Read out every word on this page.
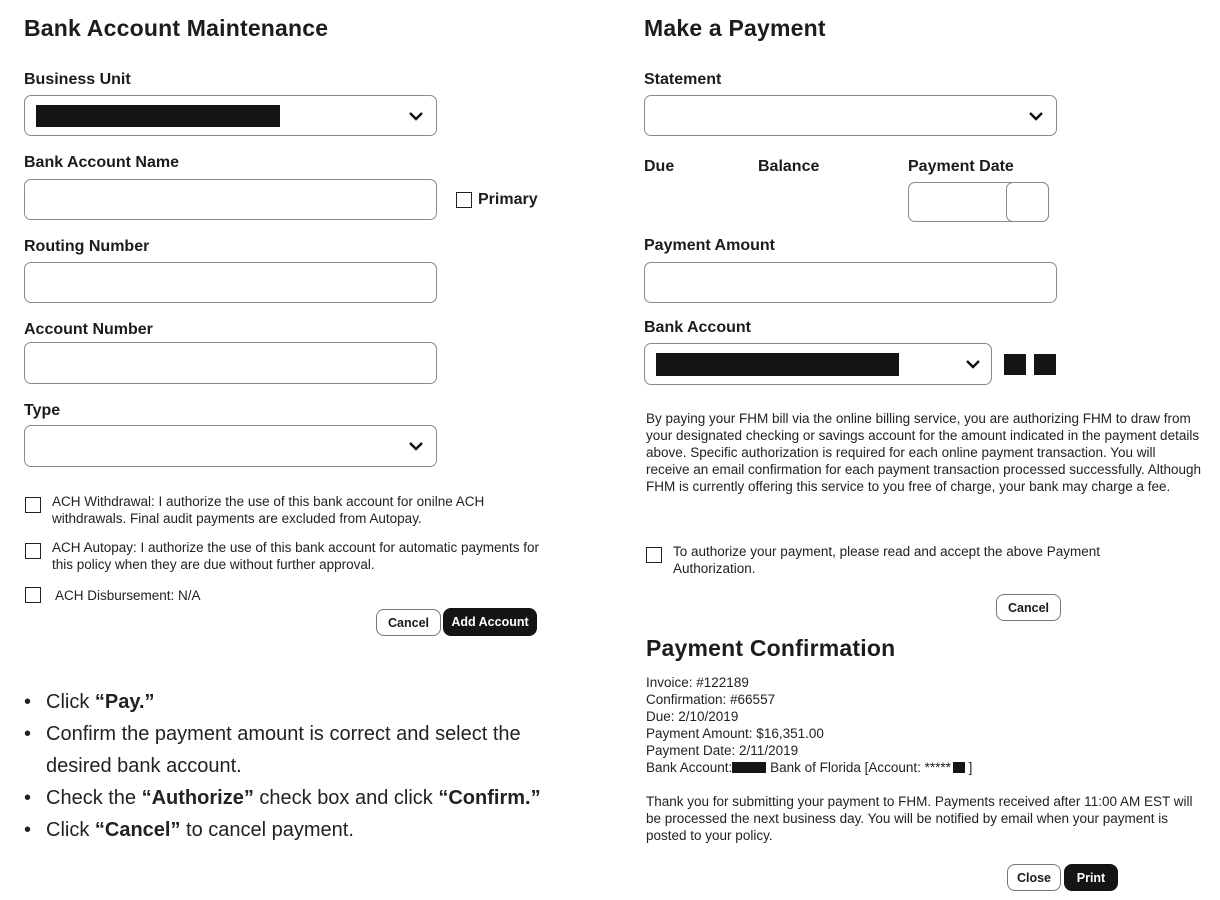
Bank Account Maintenance
Business Unit
Bank Account Name
Primary
Routing Number
Account Number
Type
ACH Withdrawal: I authorize the use of this bank account for onilne ACH withdrawals. Final audit payments are excluded from Autopay.
ACH Autopay: I authorize the use of this bank account for automatic payments for this policy when they are due without further approval.
ACH Disbursement: N/A
Cancel	Add Account
• Click “Pay.”
• Confirm the payment amount is correct and select the desired bank account.
• Check the “Authorize” check box and click “Confirm.”
• Click “Cancel” to cancel payment.
Make a Payment
Statement
Due	Balance	Payment Date
Payment Amount
Bank Account
By paying your FHM bill via the online billing service, you are authorizing FHM to draw from your designated checking or savings account for the amount indicated in the payment details above. Specific authorization is required for each online payment transaction. You will receive an email confirmation for each payment transaction processed successfully. Although FHM is currently offering this service to you free of charge, your bank may charge a fee.
To authorize your payment, please read and accept the above Payment Authorization.
Cancel
Payment Confirmation
Invoice: #122189
Confirmation: #66557
Due: 2/10/2019
Payment Amount: $16,351.00
Payment Date: 2/11/2019
Bank Account:	Bank of Florida [Account: ***** ]
Thank you for submitting your payment to FHM. Payments received after 11:00 AM EST will be processed the next business day. You will be notified by email when your payment is posted to your policy.
Close	Print
